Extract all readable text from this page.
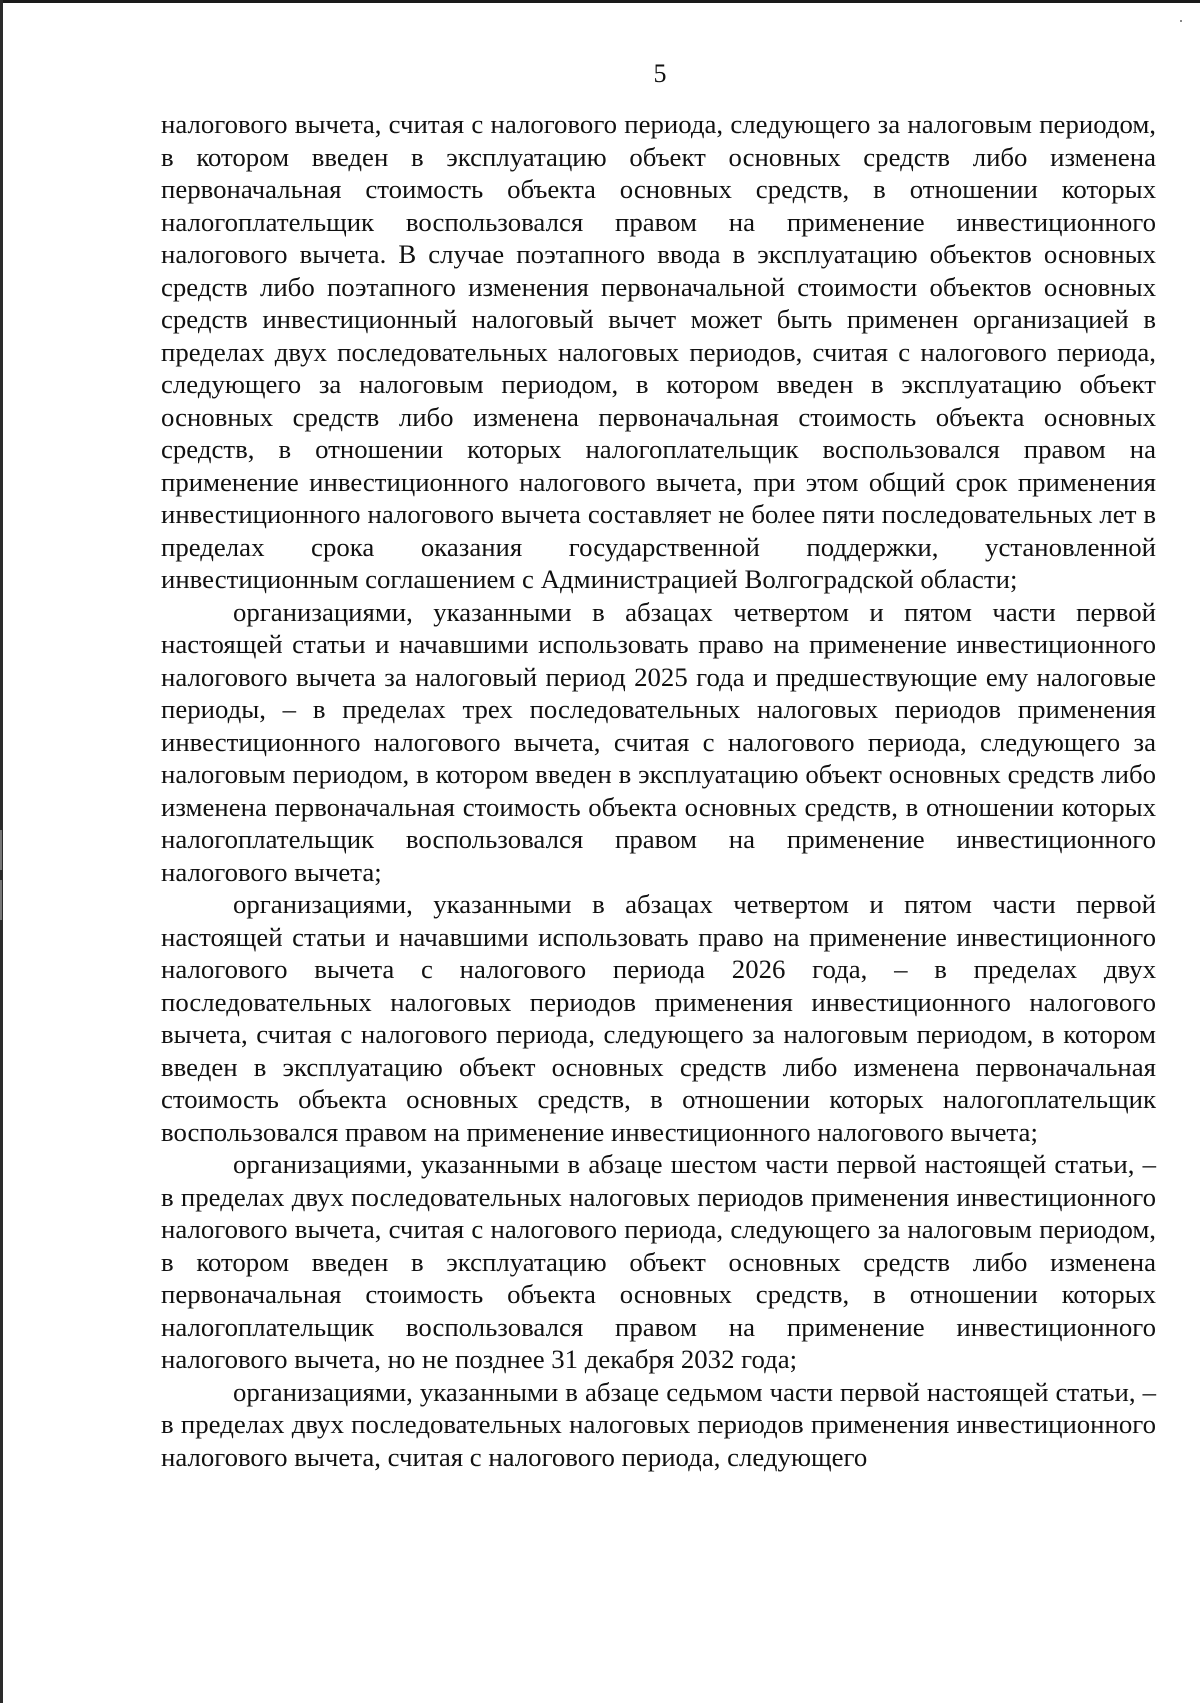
5

налогового вычета, считая с налогового периода, следующего за налоговым периодом, в котором введен в эксплуатацию объект основных средств либо изменена первоначальная стоимость объекта основных средств, в отношении которых налогоплательщик воспользовался правом на применение инвестиционного налогового вычета. В случае поэтапного ввода в эксплуатацию объектов основных средств либо поэтапного изменения первоначальной стоимости объектов основных средств инвестиционный налоговый вычет может быть применен организацией в пределах двух последовательных налоговых периодов, считая с налогового периода, следующего за налоговым периодом, в котором введен в эксплуатацию объект основных средств либо изменена первоначальная стоимость объекта основных средств, в отношении которых налогоплательщик воспользовался правом на применение инвестиционного налогового вычета, при этом общий срок применения инвестиционного налогового вычета составляет не более пяти последовательных лет в пределах срока оказания государственной поддержки, установленной инвестиционным соглашением с Администрацией Волгоградской области;

организациями, указанными в абзацах четвертом и пятом части первой настоящей статьи и начавшими использовать право на применение инвестиционного налогового вычета за налоговый период 2025 года и предшествующие ему налоговые периоды, – в пределах трех последовательных налоговых периодов применения инвестиционного налогового вычета, считая с налогового периода, следующего за налоговым периодом, в котором введен в эксплуатацию объект основных средств либо изменена первоначальная стоимость объекта основных средств, в отношении которых налогоплательщик воспользовался правом на применение инвестиционного налогового вычета;

организациями, указанными в абзацах четвертом и пятом части первой настоящей статьи и начавшими использовать право на применение инвестиционного налогового вычета с налогового периода 2026 года, – в пределах двух последовательных налоговых периодов применения инвестиционного налогового вычета, считая с налогового периода, следующего за налоговым периодом, в котором введен в эксплуатацию объект основных средств либо изменена первоначальная стоимость объекта основных средств, в отношении которых налогоплательщик воспользовался правом на применение инвестиционного налогового вычета;

организациями, указанными в абзаце шестом части первой настоящей статьи, – в пределах двух последовательных налоговых периодов применения инвестиционного налогового вычета, считая с налогового периода, следующего за налоговым периодом, в котором введен в эксплуатацию объект основных средств либо изменена первоначальная стоимость объекта основных средств, в отношении которых налогоплательщик воспользовался правом на применение инвестиционного налогового вычета, но не позднее 31 декабря 2032 года;

организациями, указанными в абзаце седьмом части первой настоящей статьи, – в пределах двух последовательных налоговых периодов применения инвестиционного налогового вычета, считая с налогового периода, следующего
